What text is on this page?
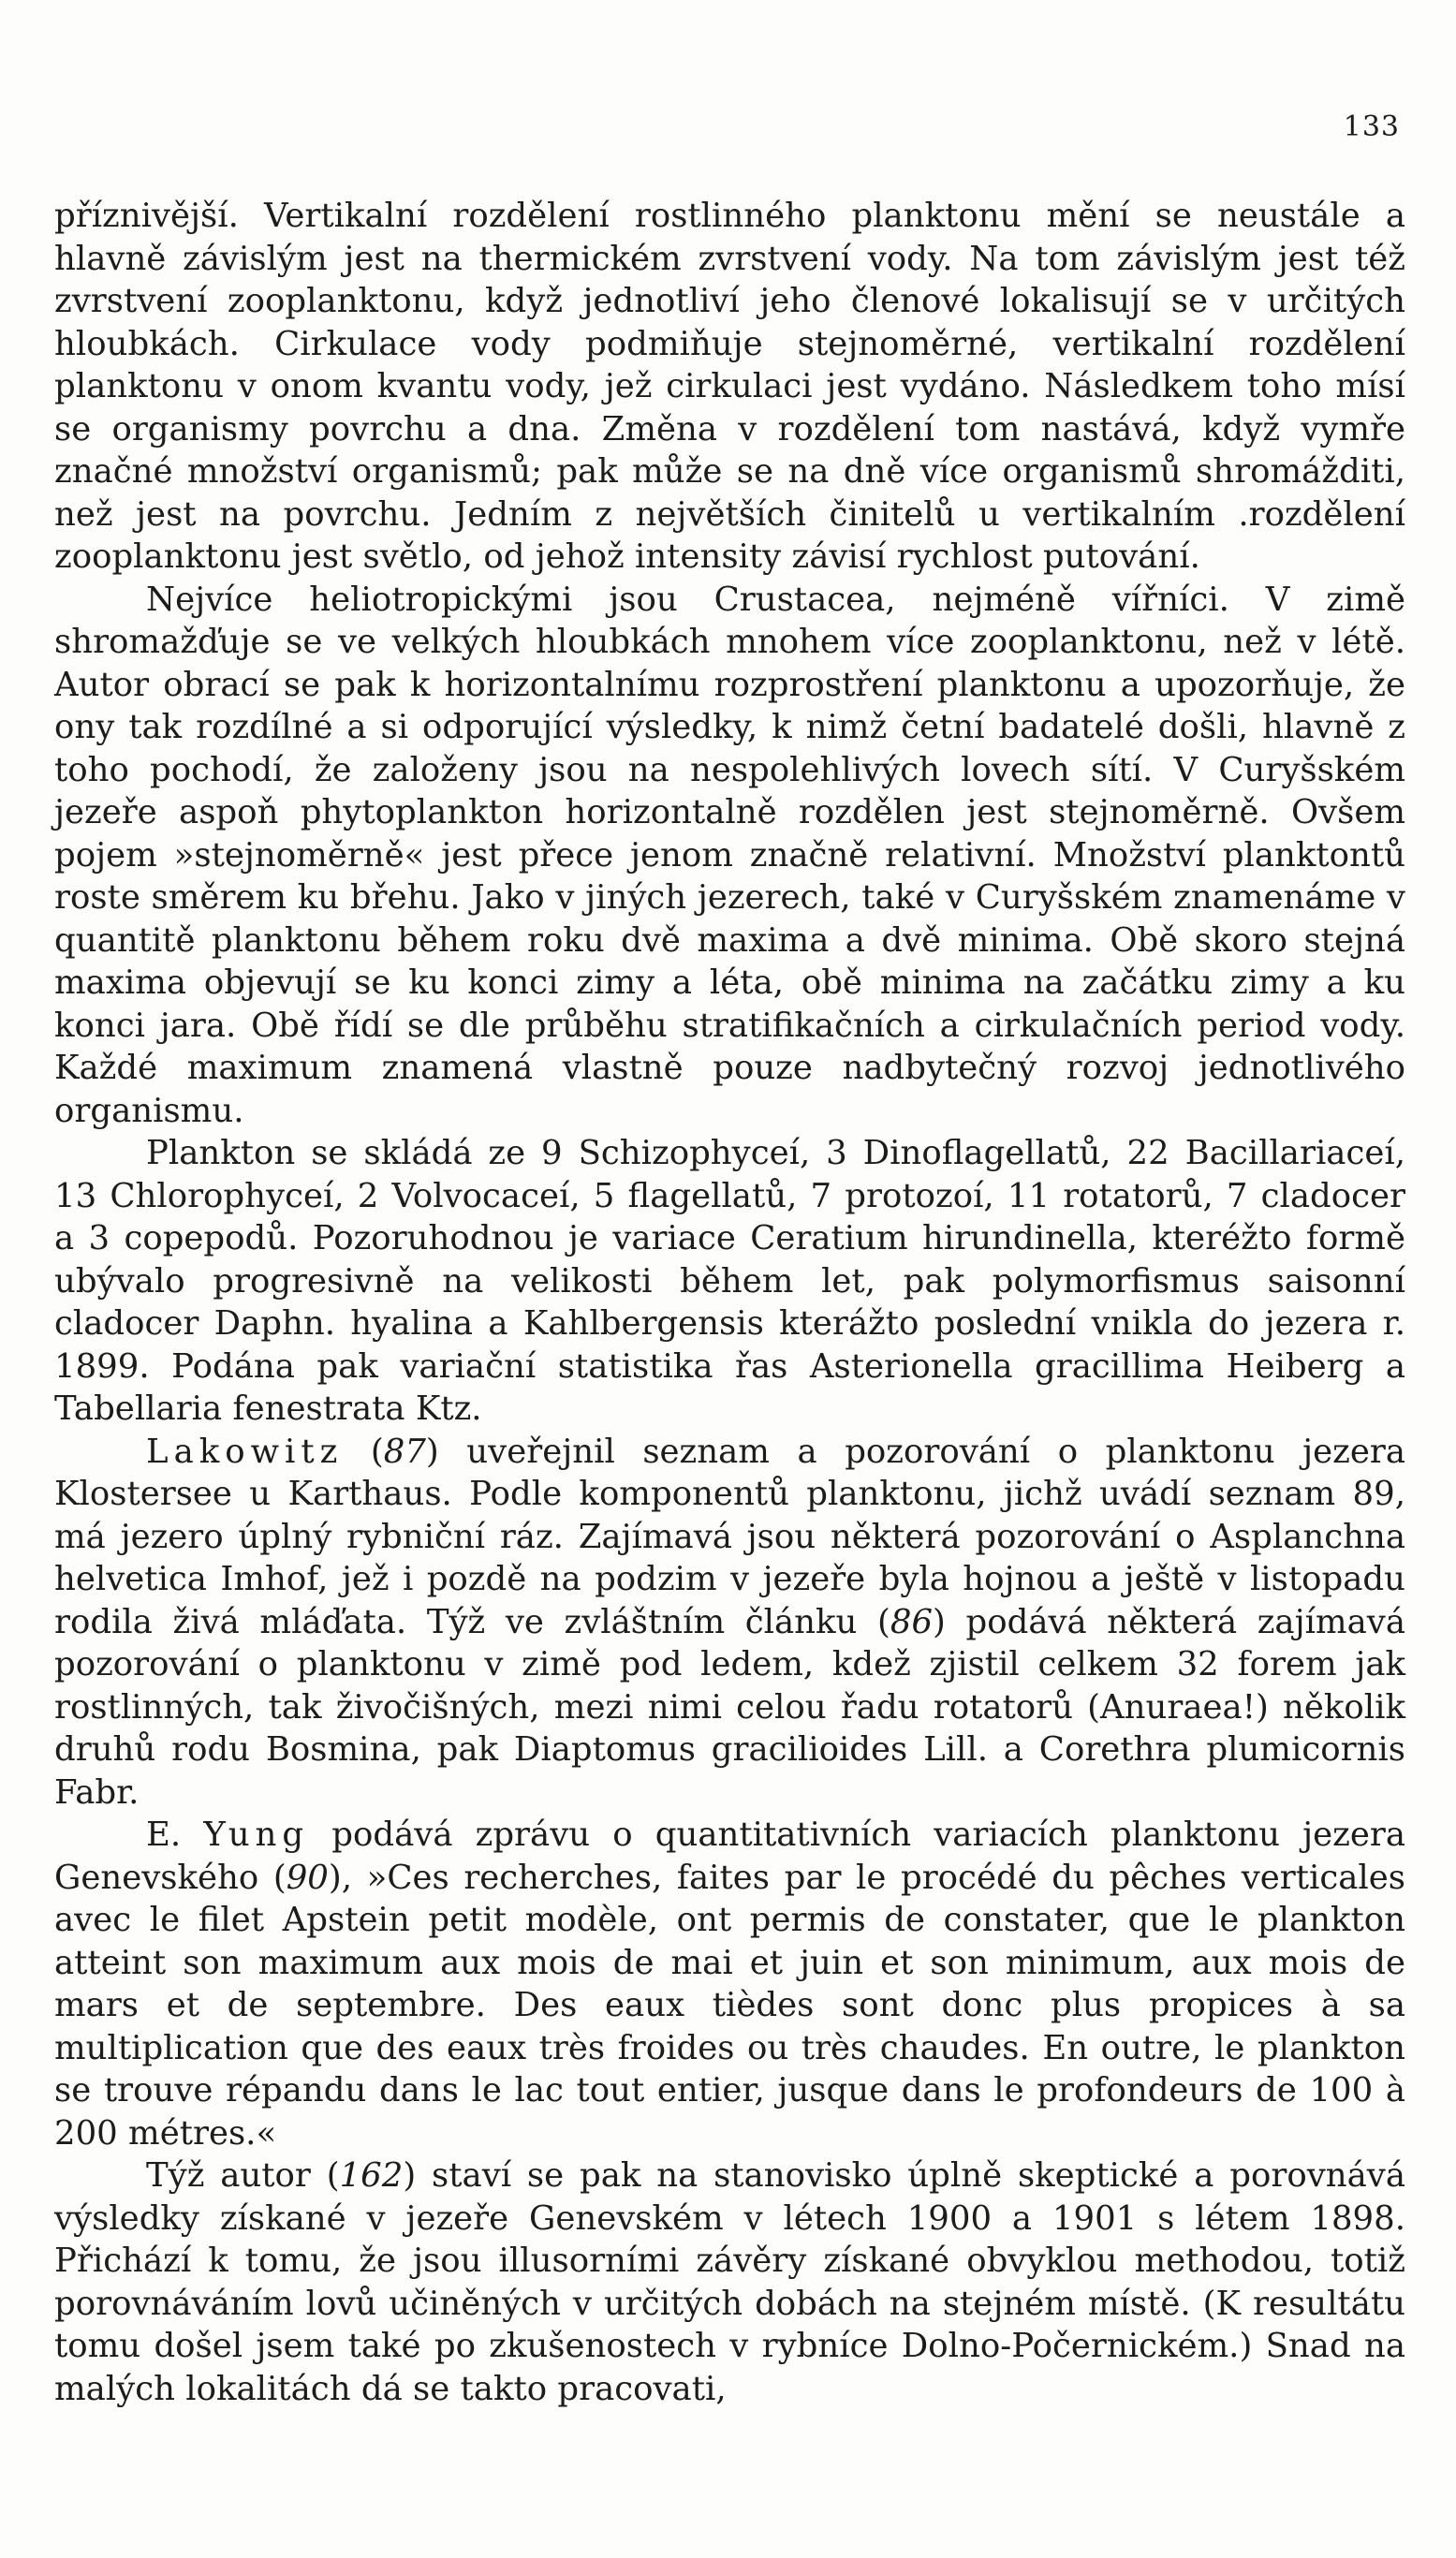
133

příznivější. Vertikalní rozdělení rostlinného planktonu mění se neustále a hlavně závislým jest na thermickém zvrstvení vody. Na tom závislým jest též zvrstvení zooplanktonu, když jednotliví jeho členové lokalisují se v určitých hloubkách. Cirkulace vody podmiňuje stejnoměrné, vertikalní rozdělení planktonu v onom kvantu vody, jež cirkulaci jest vydáno. Následkem toho mísí se organismy povrchu a dna. Změna v rozdělení tom nastává, když vymře značné množství organismů; pak může se na dně více organismů shromážditi, než jest na povrchu. Jedním z největších činitelů u vertikalním .rozdělení zooplanktonu jest světlo, od jehož intensity závisí rychlost putování.

Nejvíce heliotropickými jsou Crustacea, nejméně vířníci. V zimě shromažďuje se ve velkých hloubkách mnohem více zooplanktonu, než v létě. Autor obrací se pak k horizontalnímu rozprostření planktonu a upozorňuje, že ony tak rozdílné a si odporující výsledky, k nimž četní badatelé došli, hlavně z toho pochodí, že založeny jsou na nespolehlivých lovech sítí. V Curyšském jezeře aspoň phytoplankton horizontalně rozdělen jest stejnoměrně. Ovšem pojem »stejnoměrně« jest přece jenom značně relativní. Množství planktontů roste směrem ku břehu. Jako v jiných jezerech, také v Curyšském znamenáme v quantitě planktonu během roku dvě maxima a dvě minima. Obě skoro stejná maxima objevují se ku konci zimy a léta, obě minima na začátku zimy a ku konci jara. Obě řídí se dle průběhu stratifikačních a cirkulačních period vody. Každé maximum znamená vlastně pouze nadbytečný rozvoj jednotlivého organismu.

Plankton se skládá ze 9 Schizophyceí, 3 Dinoflagellatů, 22 Bacillariaceí, 13 Chlorophyceí, 2 Volvocaceí, 5 flagellatů, 7 protozoí, 11 rotatorů, 7 cladocer a 3 copepodů. Pozoruhodnou je variace Ceratium hirundinella, kteréžto formě ubývalo progresivně na velikosti během let, pak polymorfismus saisonní cladocer Daphn. hyalina a Kahlbergensis kterážto poslední vnikla do jezera r. 1899. Podána pak variační statistika řas Asterionella gracillima Heiberg a Tabellaria fenestrata Ktz.

Lakowitz (87) uveřejnil seznam a pozorování o planktonu jezera Klostersee u Karthaus. Podle komponentů planktonu, jichž uvádí seznam 89, má jezero úplný rybniční ráz. Zajímavá jsou některá pozorování o Asplanchna helvetica Imhof, jež i pozdě na podzim v jezeře byla hojnou a ještě v listopadu rodila živá mláďata. Týž ve zvláštním článku (86) podává některá zajímavá pozorování o planktonu v zimě pod ledem, kdež zjistil celkem 32 forem jak rostlinných, tak živočišných, mezi nimi celou řadu rotatorů (Anuraea!) několik druhů rodu Bosmina, pak Diaptomus gracilioides Lill. a Corethra plumicornis Fabr.

E. Yung podává zprávu o quantitativních variacích planktonu jezera Genevského (90), »Ces recherches, faites par le procédé du pêches verticales avec le filet Apstein petit modèle, ont permis de constater, que le plankton atteint son maximum aux mois de mai et juin et son minimum, aux mois de mars et de septembre. Des eaux tièdes sont donc plus propices à sa multiplication que des eaux très froides ou très chaudes. En outre, le plankton se trouve répandu dans le lac tout entier, jusque dans le profondeurs de 100 à 200 métres.«

Týž autor (162) staví se pak na stanovisko úplně skeptické a porovnává výsledky získané v jezeře Genevském v létech 1900 a 1901 s létem 1898. Přichází k tomu, že jsou illusorními závěry získané obvyklou methodou, totiž porovnáváním lovů učiněných v určitých dobách na stejném místě. (K resultátu tomu došel jsem také po zkušenostech v rybníce Dolno-Počernickém.) Snad na malých lokalitách dá se takto pracovati,
